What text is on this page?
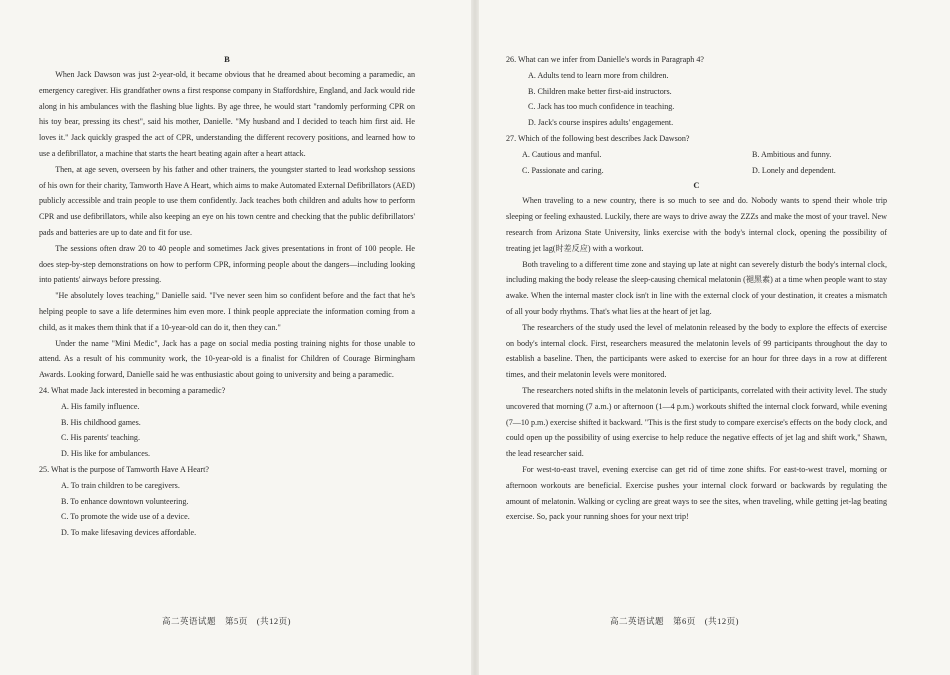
B

When Jack Dawson was just 2-year-old, it became obvious that he dreamed about becoming a paramedic, an emergency caregiver. His grandfather owns a first response company in Staffordshire, England, and Jack would ride along in his ambulances with the flashing blue lights. By age three, he would start "randomly performing CPR on his toy bear, pressing its chest", said his mother, Danielle. "My husband and I decided to teach him first aid. He loves it." Jack quickly grasped the act of CPR, understanding the different recovery positions, and learned how to use a defibrillator, a machine that starts the heart beating again after a heart attack.

Then, at age seven, overseen by his father and other trainers, the youngster started to lead workshop sessions of his own for their charity, Tamworth Have A Heart, which aims to make Automated External Defibrillators (AED) publicly accessible and train people to use them confidently. Jack teaches both children and adults how to perform CPR and use defibrillators, while also keeping an eye on his town centre and checking that the public defibrillators' pads and batteries are up to date and fit for use.

The sessions often draw 20 to 40 people and sometimes Jack gives presentations in front of 100 people. He does step-by-step demonstrations on how to perform CPR, informing people about the dangers—including looking into patients' airways before pressing.

"He absolutely loves teaching," Danielle said. "I've never seen him so confident before and the fact that he's helping people to save a life determines him even more. I think people appreciate the information coming from a child, as it makes them think that if a 10-year-old can do it, then they can."

Under the name "Mini Medic", Jack has a page on social media posting training nights for those unable to attend. As a result of his community work, the 10-year-old is a finalist for Children of Courage Birmingham Awards. Looking forward, Danielle said he was enthusiastic about going to university and being a paramedic.

24. What made Jack interested in becoming a paramedic?

A. His family influence.

B. His childhood games.

C. His parents' teaching.

D. His like for ambulances.

25. What is the purpose of Tamworth Have A Heart?

A. To train children to be caregivers.

B. To enhance downtown volunteering.

C. To promote the wide use of a device.

D. To make lifesaving devices affordable.

26. What can we infer from Danielle's words in Paragraph 4?

A. Adults tend to learn more from children.

B. Children make better first-aid instructors.

C. Jack has too much confidence in teaching.

D. Jack's course inspires adults' engagement.

27. Which of the following best describes Jack Dawson?

A. Cautious and manful.	B. Ambitious and funny.

C. Passionate and caring.	D. Lonely and dependent.

C

When traveling to a new country, there is so much to see and do. Nobody wants to spend their whole trip sleeping or feeling exhausted. Luckily, there are ways to drive away the ZZZs and make the most of your travel. New research from Arizona State University, links exercise with the body's internal clock, opening the possibility of treating jet lag(时差反应) with a workout.

Both traveling to a different time zone and staying up late at night can severely disturb the body's internal clock, including making the body release the sleep-causing chemical melatonin (褪黑素) at a time when people want to stay awake. When the internal master clock isn't in line with the external clock of your destination, it creates a mismatch of all your body rhythms. That's what lies at the heart of jet lag.

The researchers of the study used the level of melatonin released by the body to explore the effects of exercise on body's internal clock. First, researchers measured the melatonin levels of 99 participants throughout the day to establish a baseline. Then, the participants were asked to exercise for an hour for three days in a row at different times, and their melatonin levels were monitored.

The researchers noted shifts in the melatonin levels of participants, correlated with their activity level. The study uncovered that morning (7 a.m.) or afternoon (1—4 p.m.) workouts shifted the internal clock forward, while evening (7—10 p.m.) exercise shifted it backward. "This is the first study to compare exercise's effects on the body clock, and could open up the possibility of using exercise to help reduce the negative effects of jet lag and shift work," Shawn, the lead researcher said.

For west-to-east travel, evening exercise can get rid of time zone shifts. For east-to-west travel, morning or afternoon workouts are beneficial. Exercise pushes your internal clock forward or backwards by regulating the amount of melatonin. Walking or cycling are great ways to see the sites, when traveling, while getting jet-lag beating exercise. So, pack your running shoes for your next trip!

高二英语试题　第5页　(共12页)	高二英语试题　第6页　(共12页)
